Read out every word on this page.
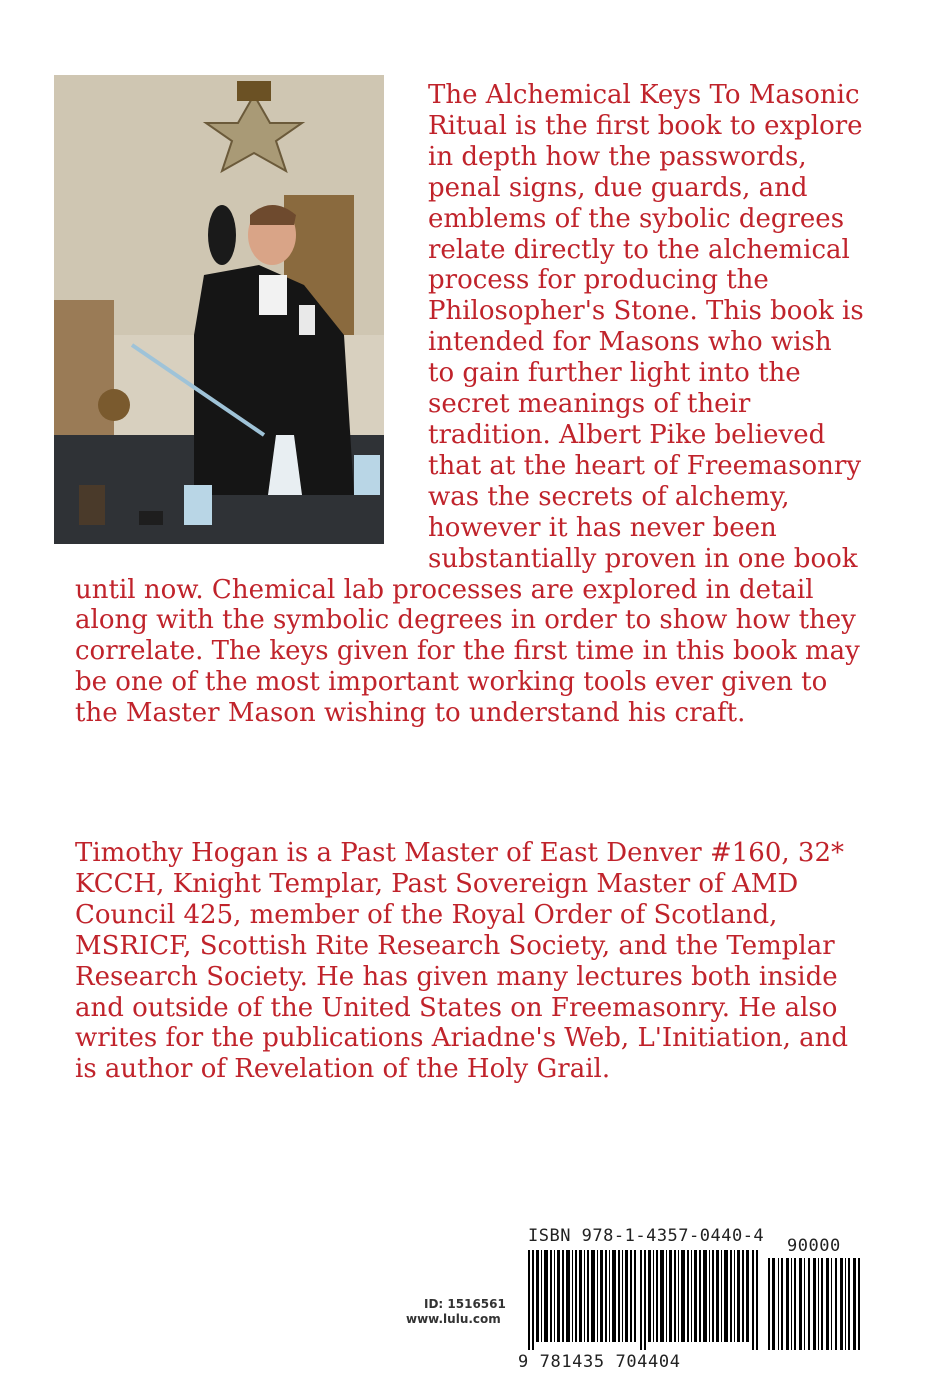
The Alchemical Keys To Masonic Ritual is the first book to explore in depth how the passwords, penal signs, due guards, and emblems of the sybolic degrees relate directly to the alchemical process for producing the Philosopher's Stone. This book is intended for Masons who wish to gain further light into the secret meanings of their tradition. Albert Pike believed that at the heart of Freemasonry was the secrets of alchemy, however it has never been substantially proven in one book until now. Chemical lab processes are explored in detail along with the symbolic degrees in order to show how they correlate. The keys given for the first time in this book may be one of the most important working tools ever given to the Master Mason wishing to understand his craft.

Timothy Hogan is a Past Master of East Denver #160, 32* KCCH, Knight Templar, Past Sovereign Master of AMD Council 425, member of the Royal Order of Scotland, MSRICF, Scottish Rite Research Society, and the Templar Research Society. He has given many lectures both inside and outside of the United States on Freemasonry. He also writes for the publications Ariadne's Web, L'Initiation, and is author of Revelation of the Holy Grail.

ISBN 978-1-4357-0440-4 90000
9 781435 704404
ID: 1516561
www.lulu.com
